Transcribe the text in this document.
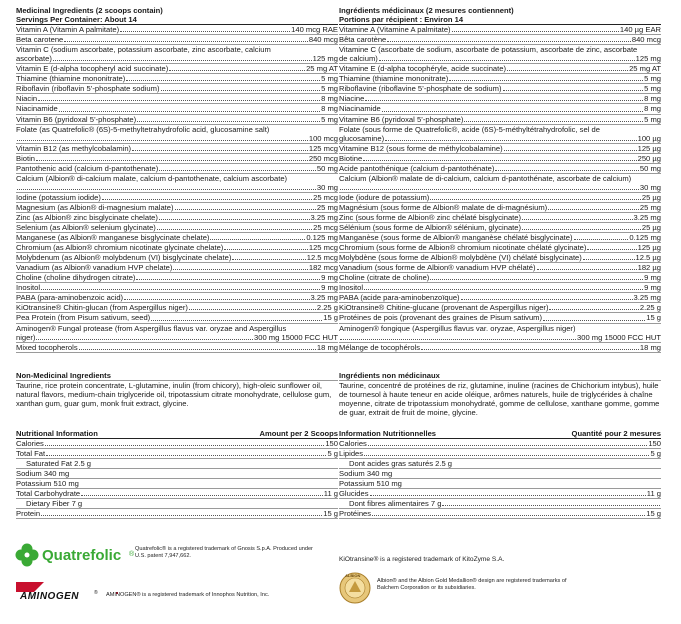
Medicinal Ingredients (2 scoops contain)
Servings Per Container: About 14
Vitamin A (Vitamin A palmitate)	140 mcg RAE
Beta carotene	840 mcg
Vitamin C (sodium ascorbate, potassium ascorbate, zinc ascorbate, calcium
ascorbate)	125 mg
Vitamin E (d-alpha tocopheryl acid succinate)	25 mg AT
Thiamine (thiamine mononitrate)	5 mg
Riboflavin (riboflavin 5’-phosphate sodium)	5 mg
Niacin	8 mg
Niacinamide	8 mg
Vitamin B6 (pyridoxal 5’-phosphate)	5 mg
Folate (as Quatrefolic® (6S)-5-methyltetrahydrofolic acid, glucosamine salt)
100 mcg
Vitamin B12 (as methylcobalamin)	125 mcg
Biotin	250 mcg
Pantothenic acid (calcium d-pantothenate)	50 mg
Calcium (Albion® di-calcium malate, calcium d-pantothenate, calcium ascorbate)
30 mg
Iodine (potassium iodide)	25 mcg
Magnesium (as Albion® di-magnesium malate)	25 mg
Zinc (as Albion® zinc bisglycinate chelate)	3.25 mg
Selenium (as Albion® selenium glycinate)	25 mcg
Manganese (as Albion® manganese bisglycinate chelate)	0.125 mg
Chromium (as Albion® chromium nicotinate glycinate chelate)	125 mcg
Molybdenum (as Albion® molybdenum (VI) bisglycinate chelate)	12.5 mcg
Vanadium (as Albion® vanadium HVP chelate)	182 mcg
Choline (choline dihydrogen citrate)	9 mg
Inositol	9 mg
PABA (para-aminobenzoic acid)	3.25 mg
KiOtransine® Chitin-glucan (from Aspergillus niger)	2.25 g
Pea Protein (from Pisum sativum, seed)	15 g
Aminogen® Fungal protease (from Aspergillus flavus var. oryzae and Aspergillus
niger)	300 mg 15000 FCC HUT
Mixed tocopherols	18 mg
Non-Medicinal Ingredients
Taurine, rice protein concentrate, L-glutamine, inulin (from chicory), high-oleic sunflower oil, natural flavors, medium-chain triglyceride oil, tripotassium citrate monohydrate, cellulose gum, xanthan gum, guar gum, monk fruit extract, glycine.
Nutritional Information	Amount per 2 Scoops
Calories	150
Total Fat	5 g
Saturated Fat 2.5 g
Sodium 340 mg
Potassium 510 mg
Total Carbohydrate	11 g
Dietary Fiber 7 g
Protein	15 g
Ingrédients médicinaux (2 mesures contiennent)
Portions par récipient : Environ 14
Vitamine A (Vitamine A palmitate)	140 µg EAR
Bêta carotène	840 mcg
Vitamine C (ascorbate de sodium, ascorbate de potassium, ascorbate de zinc, ascorbate
de calcium)	125 mg
Vitamine E (d-alpha tocophéryle, acide succinate)	25 mg AT
Thiamine (thiamine mononitrate)	5 mg
Riboflavine (riboflavine 5’-phosphate de sodium)	5 mg
Niacine	8 mg
Niacinamide	8 mg
Vitamine B6 (pyridoxal 5’-phosphate)	5 mg
Folate (sous forme de Quatrefolic®, acide (6S)-5-méthyltétrahydrofolic, sel de
glucosamine)	100 µg
Vitamine B12 (sous forme de méthylcobalamine)	125 µg
Biotine	250 µg
Acide pantothénique (calcium d-pantothénate)	50 mg
Calcium (Albion® malate de di-calcium, calcium d-pantothénate, ascorbate de calcium)
30 mg
Iode (iodure de potassium)	25 µg
Magnésium (sous forme de Albion® malate de di-magnésium)	25 mg
Zinc (sous forme de Albion® zinc chélaté bisglycinate)	3.25 mg
Sélénium (sous forme de Albion® sélénium, glycinate)	25 µg
Manganèse (sous forme de Albion® manganèse chélaté bisglycinate)	0.125 mg
Chromium (sous forme de Albion® chromium nicotinate chélaté glycinate)	125 µg
Molybdène (sous forme de Albion® molybdène (VI) chélaté bisglycinate)	12.5 µg
Vanadium (sous forme de Albion® vanadium HVP chélaté)	182 µg
Choline (citrate de choline)	9 mg
Inositol	9 mg
PABA (acide para-aminobenzoïque)	3.25 mg
KiOtransine® Chitine-glucane (provenant de Aspergillus niger)	2.25 g
Protéines de pois (provenant des graines de Pisum sativum)	15 g
Aminogen® fongique (Aspergillus flavus var. oryzae, Aspergillus niger)
300 mg 15000 FCC HUT
Mélange de tocophérols	18 mg
Ingrédients non médicinaux
Taurine, concentré de protéines de riz, glutamine, inuline (racines de Chichorium intybus), huile de tournesol à haute teneur en acide oléique, arômes naturels, huile de triglycérides à chaîne moyenne, citrate de tripotassium monohydraté, gomme de cellulose, xanthane gomme, gomme de guar, extrait de fruit de moine, glycine.
Information Nutritionnelles	Quantité pour 2 mesures
Calories	150
Lipides	5 g
Dont acides gras saturés 2.5 g
Sodium 340 mg
Potassium 510 mg
Glucides	11 g
Dont fibres alimentaires 7 g
Protéines	15 g
Quatrefolic ®
Quatrefolic® is a registered trademark of Gnosis S.p.A. Produced under U.S. patent 7,947,662.
AMINOGEN	® AMINOGEN® is a registered trademark of Innophos Nutrition, Inc.
KiOtransine® is a registered trademark of KitoZyme S.A.
ALBION
Albion® and the Albion Gold Medallion® design are registered trademarks of Balchem Corporation or its subsidiaries.
